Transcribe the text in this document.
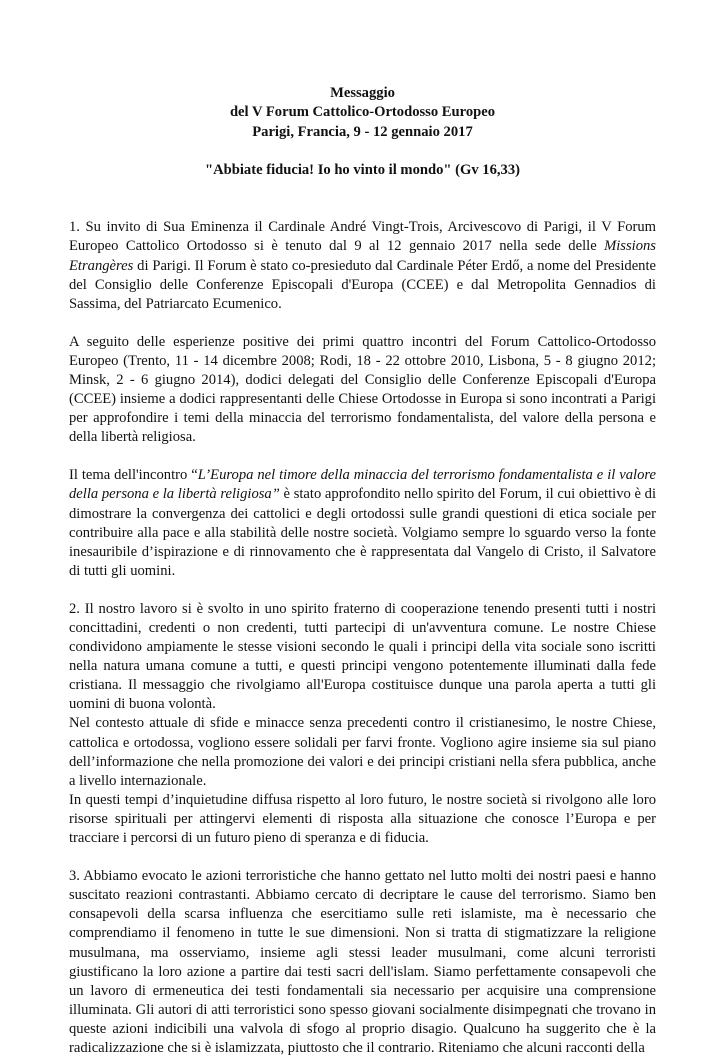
Messaggio
del V Forum Cattolico-Ortodosso Europeo
Parigi, Francia, 9 - 12 gennaio 2017
"Abbiate fiducia! Io ho vinto il mondo" (Gv 16,33)

1. Su invito di Sua Eminenza il Cardinale André Vingt-Trois, Arcivescovo di Parigi, il V Forum Europeo Cattolico Ortodosso si è tenuto dal 9 al 12 gennaio 2017 nella sede delle Missions Etrangères di Parigi. Il Forum è stato co-presieduto dal Cardinale Péter Erdő, a nome del Presidente del Consiglio delle Conferenze Episcopali d'Europa (CCEE) e dal Metropolita Gennadios di Sassima, del Patriarcato Ecumenico.

A seguito delle esperienze positive dei primi quattro incontri del Forum Cattolico-Ortodosso Europeo (Trento, 11 - 14 dicembre 2008; Rodi, 18 - 22 ottobre 2010, Lisbona, 5 - 8 giugno 2012; Minsk, 2 - 6 giugno 2014), dodici delegati del Consiglio delle Conferenze Episcopali d'Europa (CCEE) insieme a dodici rappresentanti delle Chiese Ortodosse in Europa si sono incontrati a Parigi per approfondire i temi della minaccia del terrorismo fondamentalista, del valore della persona e della libertà religiosa.

Il tema dell'incontro “L’Europa nel timore della minaccia del terrorismo fondamentalista e il valore della persona e la libertà religiosa” è stato approfondito nello spirito del Forum, il cui obiettivo è di dimostrare la convergenza dei cattolici e degli ortodossi sulle grandi questioni di etica sociale per contribuire alla pace e alla stabilità delle nostre società. Volgiamo sempre lo sguardo verso la fonte inesauribile d’ispirazione e di rinnovamento che è rappresentata dal Vangelo di Cristo, il Salvatore di tutti gli uomini.

2. Il nostro lavoro si è svolto in uno spirito fraterno di cooperazione tenendo presenti tutti i nostri concittadini, credenti o non credenti, tutti partecipi di un'avventura comune. Le nostre Chiese condividono ampiamente le stesse visioni secondo le quali i principi della vita sociale sono iscritti nella natura umana comune a tutti, e questi principi vengono potentemente illuminati dalla fede cristiana. Il messaggio che rivolgiamo all'Europa costituisce dunque una parola aperta a tutti gli uomini di buona volontà.

Nel contesto attuale di sfide e minacce senza precedenti contro il cristianesimo, le nostre Chiese, cattolica e ortodossa, vogliono essere solidali per farvi fronte. Vogliono agire insieme sia sul piano dell’informazione che nella promozione dei valori e dei principi cristiani nella sfera pubblica, anche a livello internazionale.

In questi tempi d’inquietudine diffusa rispetto al loro futuro, le nostre società si rivolgono alle loro risorse spirituali per attingervi elementi di risposta alla situazione che conosce l’Europa e per tracciare i percorsi di un futuro pieno di speranza e di fiducia.

3. Abbiamo evocato le azioni terroristiche che hanno gettato nel lutto molti dei nostri paesi e hanno suscitato reazioni contrastanti. Abbiamo cercato di decriptare le cause del terrorismo. Siamo ben consapevoli della scarsa influenza che esercitiamo sulle reti islamiste, ma è necessario che comprendiamo il fenomeno in tutte le sue dimensioni. Non si tratta di stigmatizzare la religione musulmana, ma osserviamo, insieme agli stessi leader musulmani, come alcuni terroristi giustificano la loro azione a partire dai testi sacri dell'islam. Siamo perfettamente consapevoli che un lavoro di ermeneutica dei testi fondamentali sia necessario per acquisire una comprensione illuminata. Gli autori di atti terroristici sono spesso giovani socialmente disimpegnati che trovano in queste azioni indicibili una valvola di sfogo al proprio disagio. Qualcuno ha suggerito che è la radicalizzazione che si è islamizzata, piuttosto che il contrario. Riteniamo che alcuni racconti della
